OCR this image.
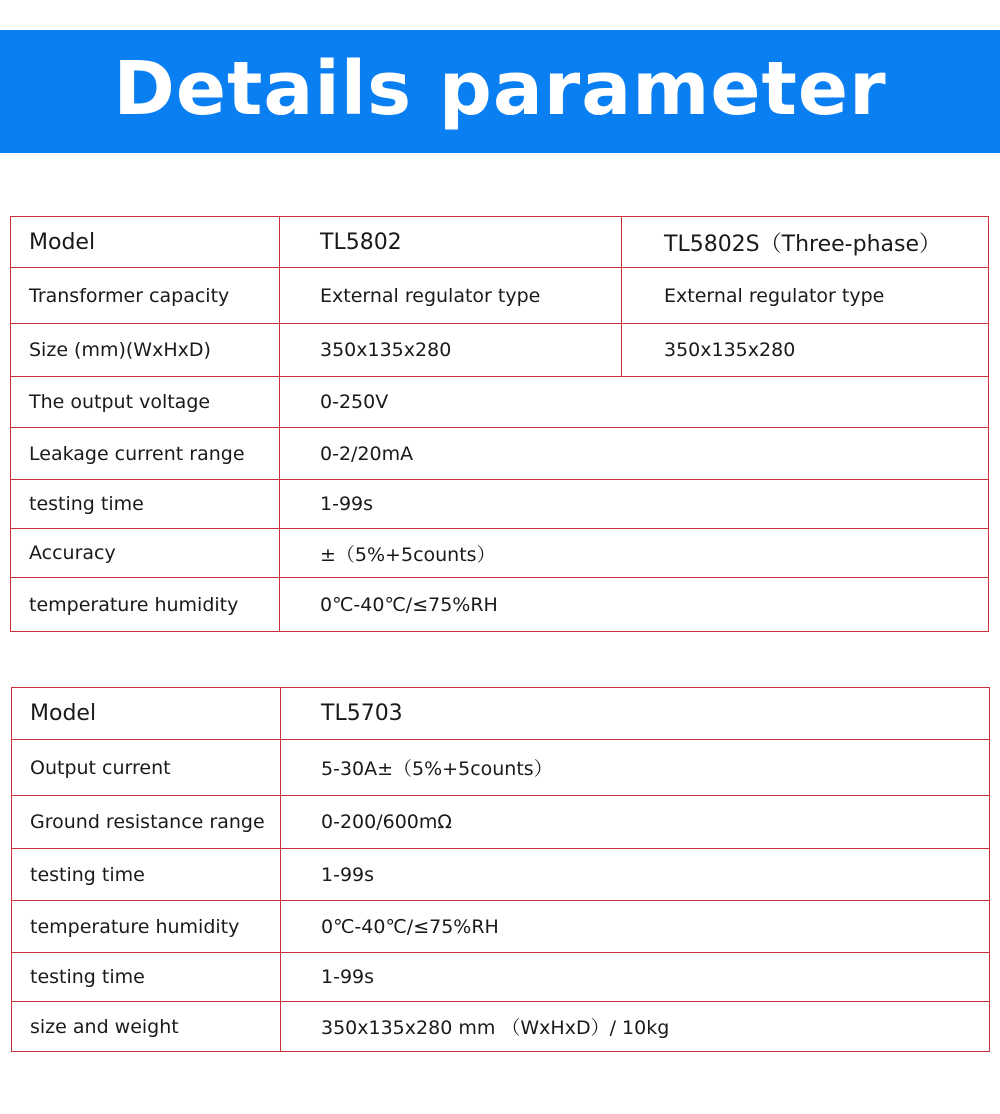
Details parameter
Model	TL5802	TL5802S（Three-phase）
Transformer capacity	External regulator type	External regulator type
Size (mm)(WxHxD)	350x135x280	350x135x280
The output voltage	0-250V	
Leakage current range	0-2/20mA	
testing time	1-99s	
Accuracy	±（5%+5counts）	
temperature humidity	0℃-40℃/≤75%RH	
Model	TL5703
Output current	5-30A±（5%+5counts）
Ground resistance range	0-200/600mΩ
testing time	1-99s
temperature humidity	0℃-40℃/≤75%RH
testing time	1-99s
size and weight	350x135x280 mm （WxHxD）/ 10kg
